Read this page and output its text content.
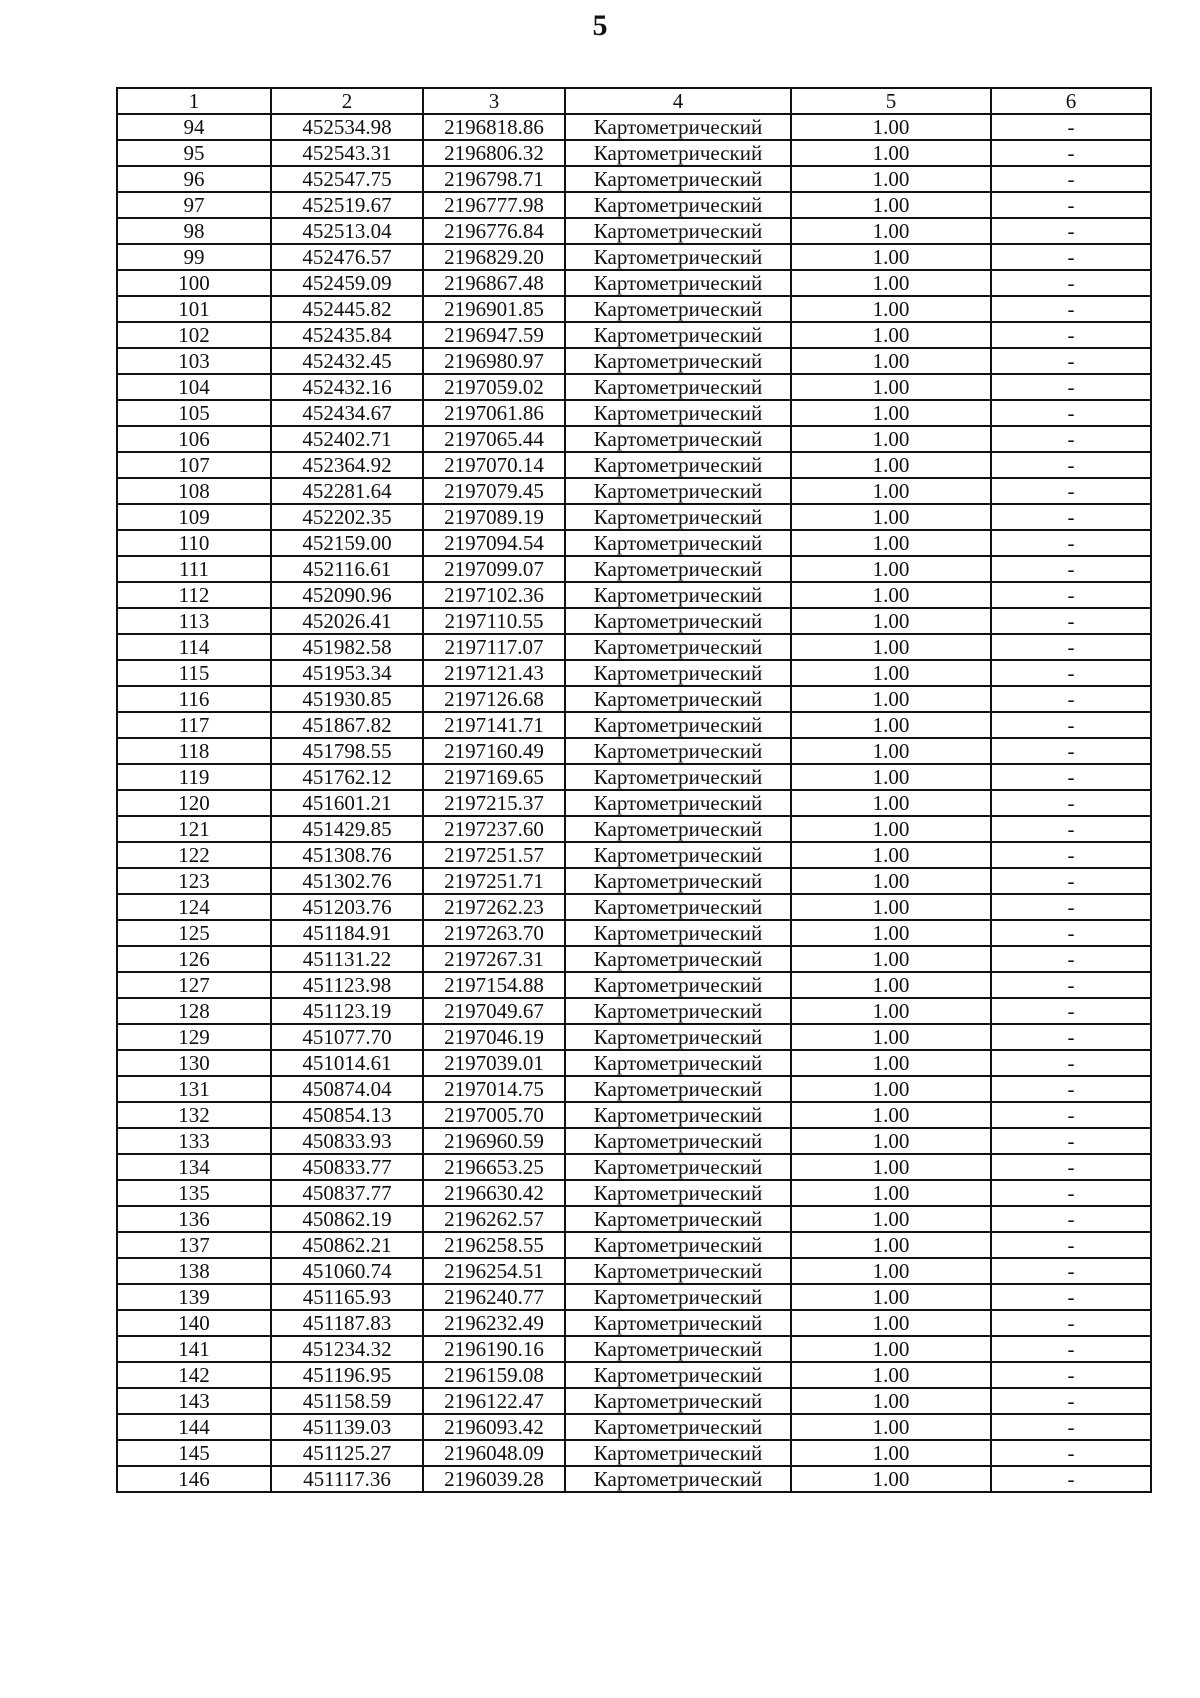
5
1	2	3	4	5	6
94	452534.98	2196818.86	Картометрический	1.00	-
95	452543.31	2196806.32	Картометрический	1.00	-
96	452547.75	2196798.71	Картометрический	1.00	-
97	452519.67	2196777.98	Картометрический	1.00	-
98	452513.04	2196776.84	Картометрический	1.00	-
99	452476.57	2196829.20	Картометрический	1.00	-
100	452459.09	2196867.48	Картометрический	1.00	-
101	452445.82	2196901.85	Картометрический	1.00	-
102	452435.84	2196947.59	Картометрический	1.00	-
103	452432.45	2196980.97	Картометрический	1.00	-
104	452432.16	2197059.02	Картометрический	1.00	-
105	452434.67	2197061.86	Картометрический	1.00	-
106	452402.71	2197065.44	Картометрический	1.00	-
107	452364.92	2197070.14	Картометрический	1.00	-
108	452281.64	2197079.45	Картометрический	1.00	-
109	452202.35	2197089.19	Картометрический	1.00	-
110	452159.00	2197094.54	Картометрический	1.00	-
111	452116.61	2197099.07	Картометрический	1.00	-
112	452090.96	2197102.36	Картометрический	1.00	-
113	452026.41	2197110.55	Картометрический	1.00	-
114	451982.58	2197117.07	Картометрический	1.00	-
115	451953.34	2197121.43	Картометрический	1.00	-
116	451930.85	2197126.68	Картометрический	1.00	-
117	451867.82	2197141.71	Картометрический	1.00	-
118	451798.55	2197160.49	Картометрический	1.00	-
119	451762.12	2197169.65	Картометрический	1.00	-
120	451601.21	2197215.37	Картометрический	1.00	-
121	451429.85	2197237.60	Картометрический	1.00	-
122	451308.76	2197251.57	Картометрический	1.00	-
123	451302.76	2197251.71	Картометрический	1.00	-
124	451203.76	2197262.23	Картометрический	1.00	-
125	451184.91	2197263.70	Картометрический	1.00	-
126	451131.22	2197267.31	Картометрический	1.00	-
127	451123.98	2197154.88	Картометрический	1.00	-
128	451123.19	2197049.67	Картометрический	1.00	-
129	451077.70	2197046.19	Картометрический	1.00	-
130	451014.61	2197039.01	Картометрический	1.00	-
131	450874.04	2197014.75	Картометрический	1.00	-
132	450854.13	2197005.70	Картометрический	1.00	-
133	450833.93	2196960.59	Картометрический	1.00	-
134	450833.77	2196653.25	Картометрический	1.00	-
135	450837.77	2196630.42	Картометрический	1.00	-
136	450862.19	2196262.57	Картометрический	1.00	-
137	450862.21	2196258.55	Картометрический	1.00	-
138	451060.74	2196254.51	Картометрический	1.00	-
139	451165.93	2196240.77	Картометрический	1.00	-
140	451187.83	2196232.49	Картометрический	1.00	-
141	451234.32	2196190.16	Картометрический	1.00	-
142	451196.95	2196159.08	Картометрический	1.00	-
143	451158.59	2196122.47	Картометрический	1.00	-
144	451139.03	2196093.42	Картометрический	1.00	-
145	451125.27	2196048.09	Картометрический	1.00	-
146	451117.36	2196039.28	Картометрический	1.00	-
